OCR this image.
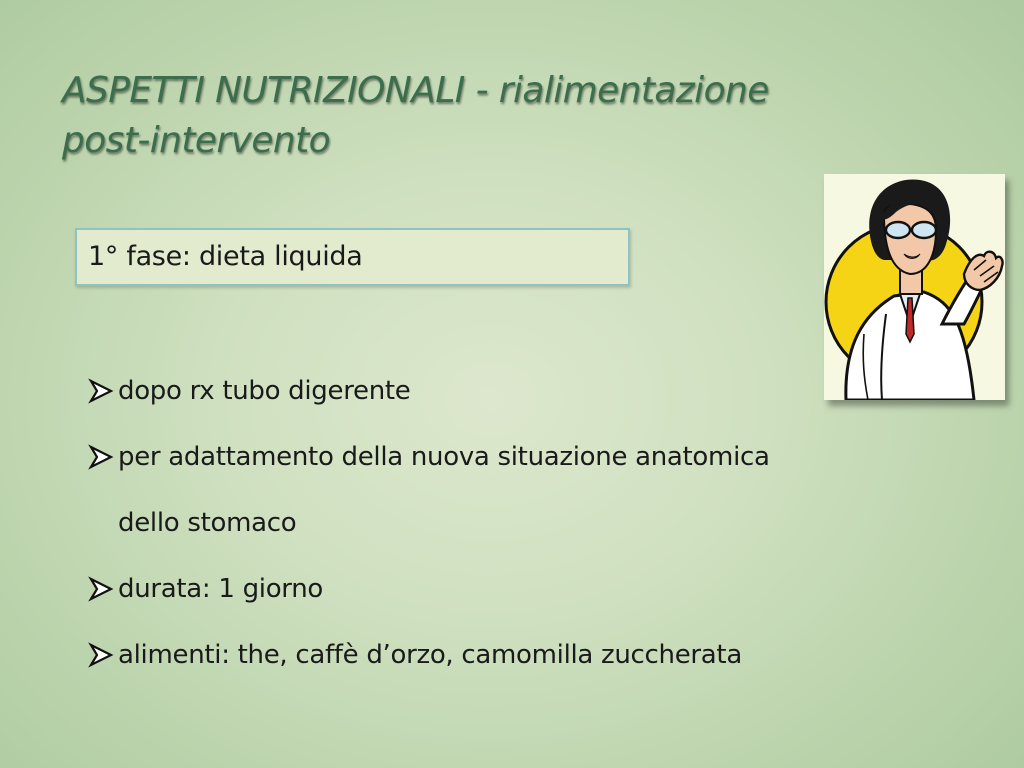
ASPETTI NUTRIZIONALI - rialimentazione
post-intervento
1° fase: dieta liquida
dopo rx tubo digerente
per adattamento della nuova situazione anatomica
dello stomaco
durata: 1 giorno
alimenti: the, caffè d’orzo, camomilla zuccherata
